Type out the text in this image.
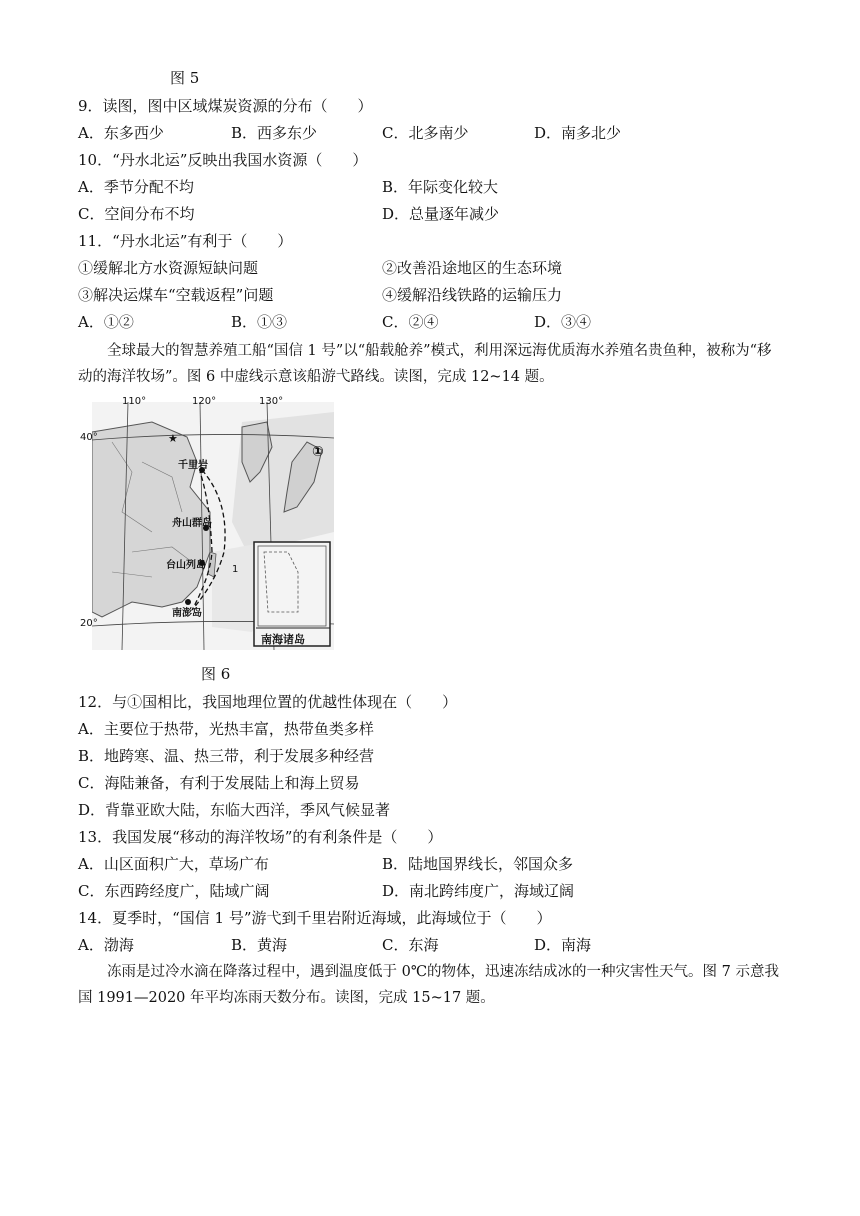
图 5
9．读图，图中区域煤炭资源的分布（　　）
A．东多西少	B．西多东少	C．北多南少	D．南多北少
10．“丹水北运”反映出我国水资源（　　）
A．季节分配不均	B．年际变化较大
C．空间分布不均	D．总量逐年减少
11．“丹水北运”有利于（　　）
①缓解北方水资源短缺问题	②改善沿途地区的生态环境
③解决运煤车“空载返程”问题	④缓解沿线铁路的运输压力
A．①②	B．①③	C．②④	D．③④
全球最大的智慧养殖工船“国信 1 号”以“船载舱养”模式，利用深远海优质海水养殖名贵鱼种，被称为“移动的海洋牧场”。图 6 中虚线示意该船游弋路线。读图，完成 12~14 题。
★
110°	120°	130°
40°
20°
千里岩
舟山群岛
台山列岛
南澎岛
①
1
南海诸岛
图 6
12．与①国相比，我国地理位置的优越性体现在（　　）
A．主要位于热带，光热丰富，热带鱼类多样
B．地跨寒、温、热三带，利于发展多种经营
C．海陆兼备，有利于发展陆上和海上贸易
D．背靠亚欧大陆，东临大西洋，季风气候显著
13．我国发展“移动的海洋牧场”的有利条件是（　　）
A．山区面积广大，草场广布	B．陆地国界线长，邻国众多
C．东西跨经度广，陆域广阔	D．南北跨纬度广，海域辽阔
14．夏季时，“国信 1 号”游弋到千里岩附近海域，此海域位于（　　）
A．渤海	B．黄海	C．东海	D．南海
冻雨是过冷水滴在降落过程中，遇到温度低于 0℃的物体，迅速冻结成冰的一种灾害性天气。图 7 示意我国 1991—2020 年平均冻雨天数分布。读图，完成 15~17 题。
